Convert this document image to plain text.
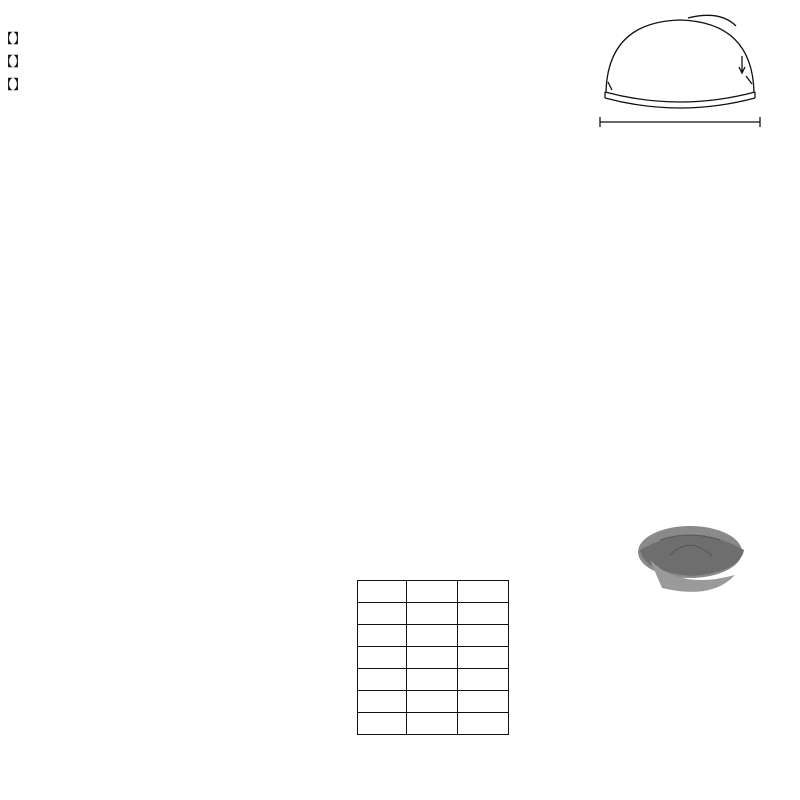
【】
【】
【】
